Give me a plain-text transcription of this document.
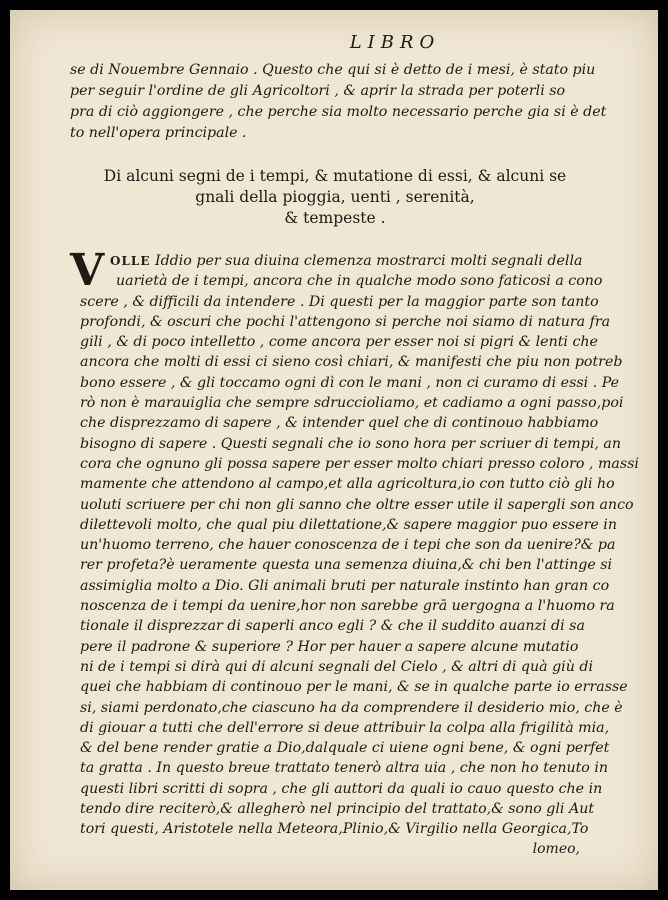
LIBRO

se di Nouembre Gennaio . Questo che qui si è detto de i mesi, è stato piu

per seguir l'ordine de gli Agricoltori , & aprir la strada per poterli so

pra di ciò aggiongere , che perche sia molto necessario perche gia si è det

to nell'opera principale .

Di alcuni segni de i tempi, & mutatione di essi, & alcuni se

gnali della pioggia, uenti , serenità,

& tempeste .

V OLLE Iddio per sua diuina clemenza mostrarci molti segnali della

uarietà de i tempi, ancora che in qualche modo sono faticosi a cono

scere , & difficili da intendere . Di questi per la maggior parte son tanto

profondi, & oscuri che pochi l'attengono si perche noi siamo di natura fra

gili , & di poco intelletto , come ancora per esser noi si pigri & lenti che

ancora che molti di essi ci sieno così chiari, & manifesti che piu non potreb

bono essere , & gli toccamo ogni dì con le mani , non ci curamo di essi . Pe

rò non è marauiglia che sempre sdruccioliamo, et cadiamo a ogni passo,poi

che disprezzamo di sapere , & intender quel che di continouo habbiamo

bisogno di sapere . Questi segnali che io sono hora per scriuer di tempi, an

cora che ognuno gli possa sapere per esser molto chiari presso coloro , massi

mamente che attendono al campo,et alla agricoltura,io con tutto ciò gli ho

uoluti scriuere per chi non gli sanno che oltre esser utile il sapergli son anco

dilettevoli molto, che qual piu dilettatione,& sapere maggior puo essere in

un'huomo terreno, che hauer conoscenza de i tepi che son da uenire?& pa

rer profeta?è ueramente questa una semenza diuina,& chi ben l'attinge si

assimiglia molto a Dio. Gli animali bruti per naturale instinto han gran co

noscenza de i tempi da uenire,hor non sarebbe grā uergogna a l'huomo ra

tionale il disprezzar di saperli anco egli ? & che il suddito auanzi di sa

pere il padrone & superiore ? Hor per hauer a sapere alcune mutatio

ni de i tempi si dirà qui di alcuni segnali del Cielo , & altri di quà giù di

quei che habbiam di continouo per le mani, & se in qualche parte io errasse

si, siami perdonato,che ciascuno ha da comprendere il desiderio mio, che è

di giouar a tutti che dell'errore si deue attribuir la colpa alla frigilità mia,

& del bene render gratie a Dio,dalquale ci uiene ogni bene, & ogni perfet

ta gratta . In questo breue trattato tenerò altra uia , che non ho tenuto in

questi libri scritti di sopra , che gli auttori da quali io cauo questo che in

tendo dire reciterò,& allegherò nel principio del trattato,& sono gli Aut

tori questi, Aristotele nella Meteora,Plinio,& Virgilio nella Georgica,To

lomeo,
